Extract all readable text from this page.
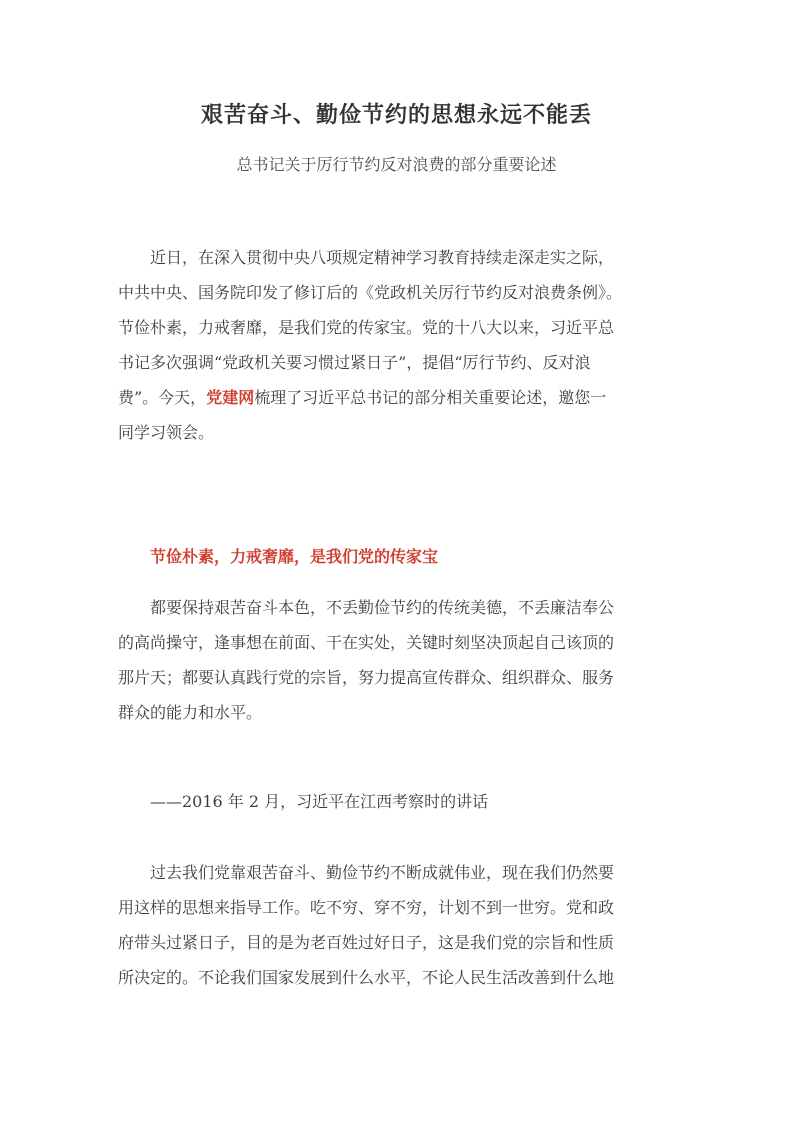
艰苦奋斗、勤俭节约的思想永远不能丢
总书记关于厉行节约反对浪费的部分重要论述
近日，在深入贯彻中央八项规定精神学习教育持续走深走实之际，
中共中央、国务院印发了修订后的《党政机关厉行节约反对浪费条例》。
节俭朴素，力戒奢靡，是我们党的传家宝。党的十八大以来，习近平总
书记多次强调“党政机关要习惯过紧日子”，提倡“厉行节约、反对浪
费”。今天，党建网梳理了习近平总书记的部分相关重要论述，邀您一
同学习领会。
节俭朴素，力戒奢靡，是我们党的传家宝
都要保持艰苦奋斗本色，不丢勤俭节约的传统美德，不丢廉洁奉公
的高尚操守，逢事想在前面、干在实处，关键时刻坚决顶起自己该顶的
那片天；都要认真践行党的宗旨，努力提高宣传群众、组织群众、服务
群众的能力和水平。
——2016 年 2 月，习近平在江西考察时的讲话
过去我们党靠艰苦奋斗、勤俭节约不断成就伟业，现在我们仍然要
用这样的思想来指导工作。吃不穷、穿不穷，计划不到一世穷。党和政
府带头过紧日子，目的是为老百姓过好日子，这是我们党的宗旨和性质
所决定的。不论我们国家发展到什么水平，不论人民生活改善到什么地
